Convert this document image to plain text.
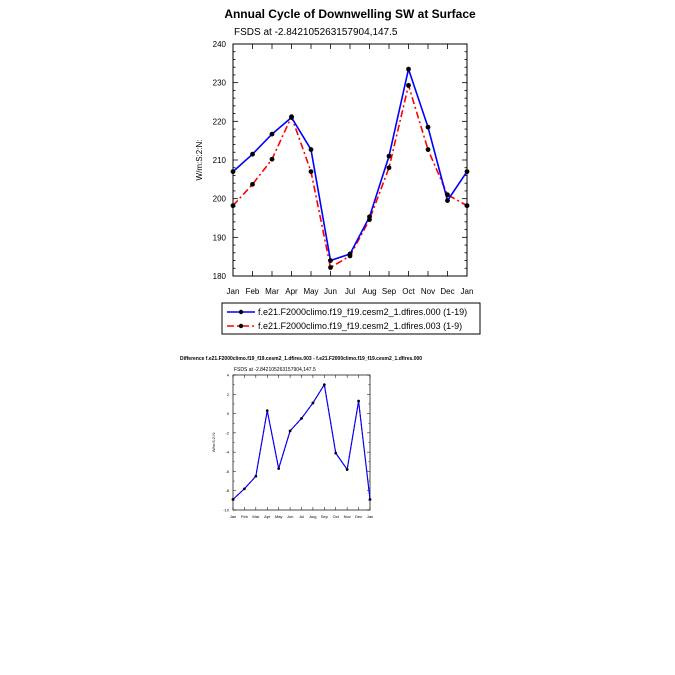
Annual Cycle of Downwelling SW at Surface
FSDS at -2.842105263157904,147.5
W/m:S:2:N:
Jan Feb Mar Apr May Jun Jul Aug Sep Oct Nov Dec Jan
180
190
200
210
220
230
240
f.e21.F2000climo.f19_f19.cesm2_1.dfires.000 (1-19)
f.e21.F2000climo.f19_f19.cesm2_1.dfires.003 (1-9)
Difference f.e21.F2000climo.f19_f19.cesm2_1.dfires.003 - f.e21.F2000climo.f19_f19.cesm2_1.dfires.000
FSDS at -2.842105263157904,147.5
W/m:S:2:N:
Jan Feb Mar Apr May Jun Jul Aug Sep Oct Nov Dec Jan
-10
-8
-6
-4
-2
0
2
4
